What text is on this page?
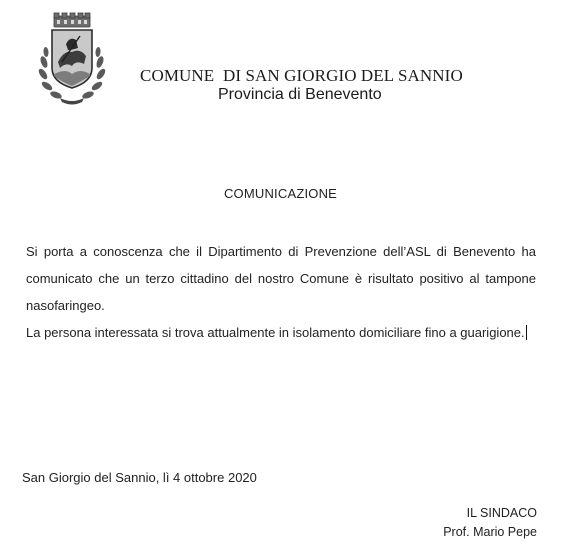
COMUNE  DI SAN GIORGIO DEL SANNIO
Provincia di Benevento
COMUNICAZIONE

Si porta a conoscenza che il Dipartimento di Prevenzione dell’ASL di Benevento ha comunicato che un terzo cittadino del nostro Comune è risultato positivo al tampone nasofaringeo.

La persona interessata si trova attualmente in isolamento domiciliare fino a guarigione.

San Giorgio del Sannio, lì 4 ottobre 2020
IL SINDACO
Prof. Mario Pepe
